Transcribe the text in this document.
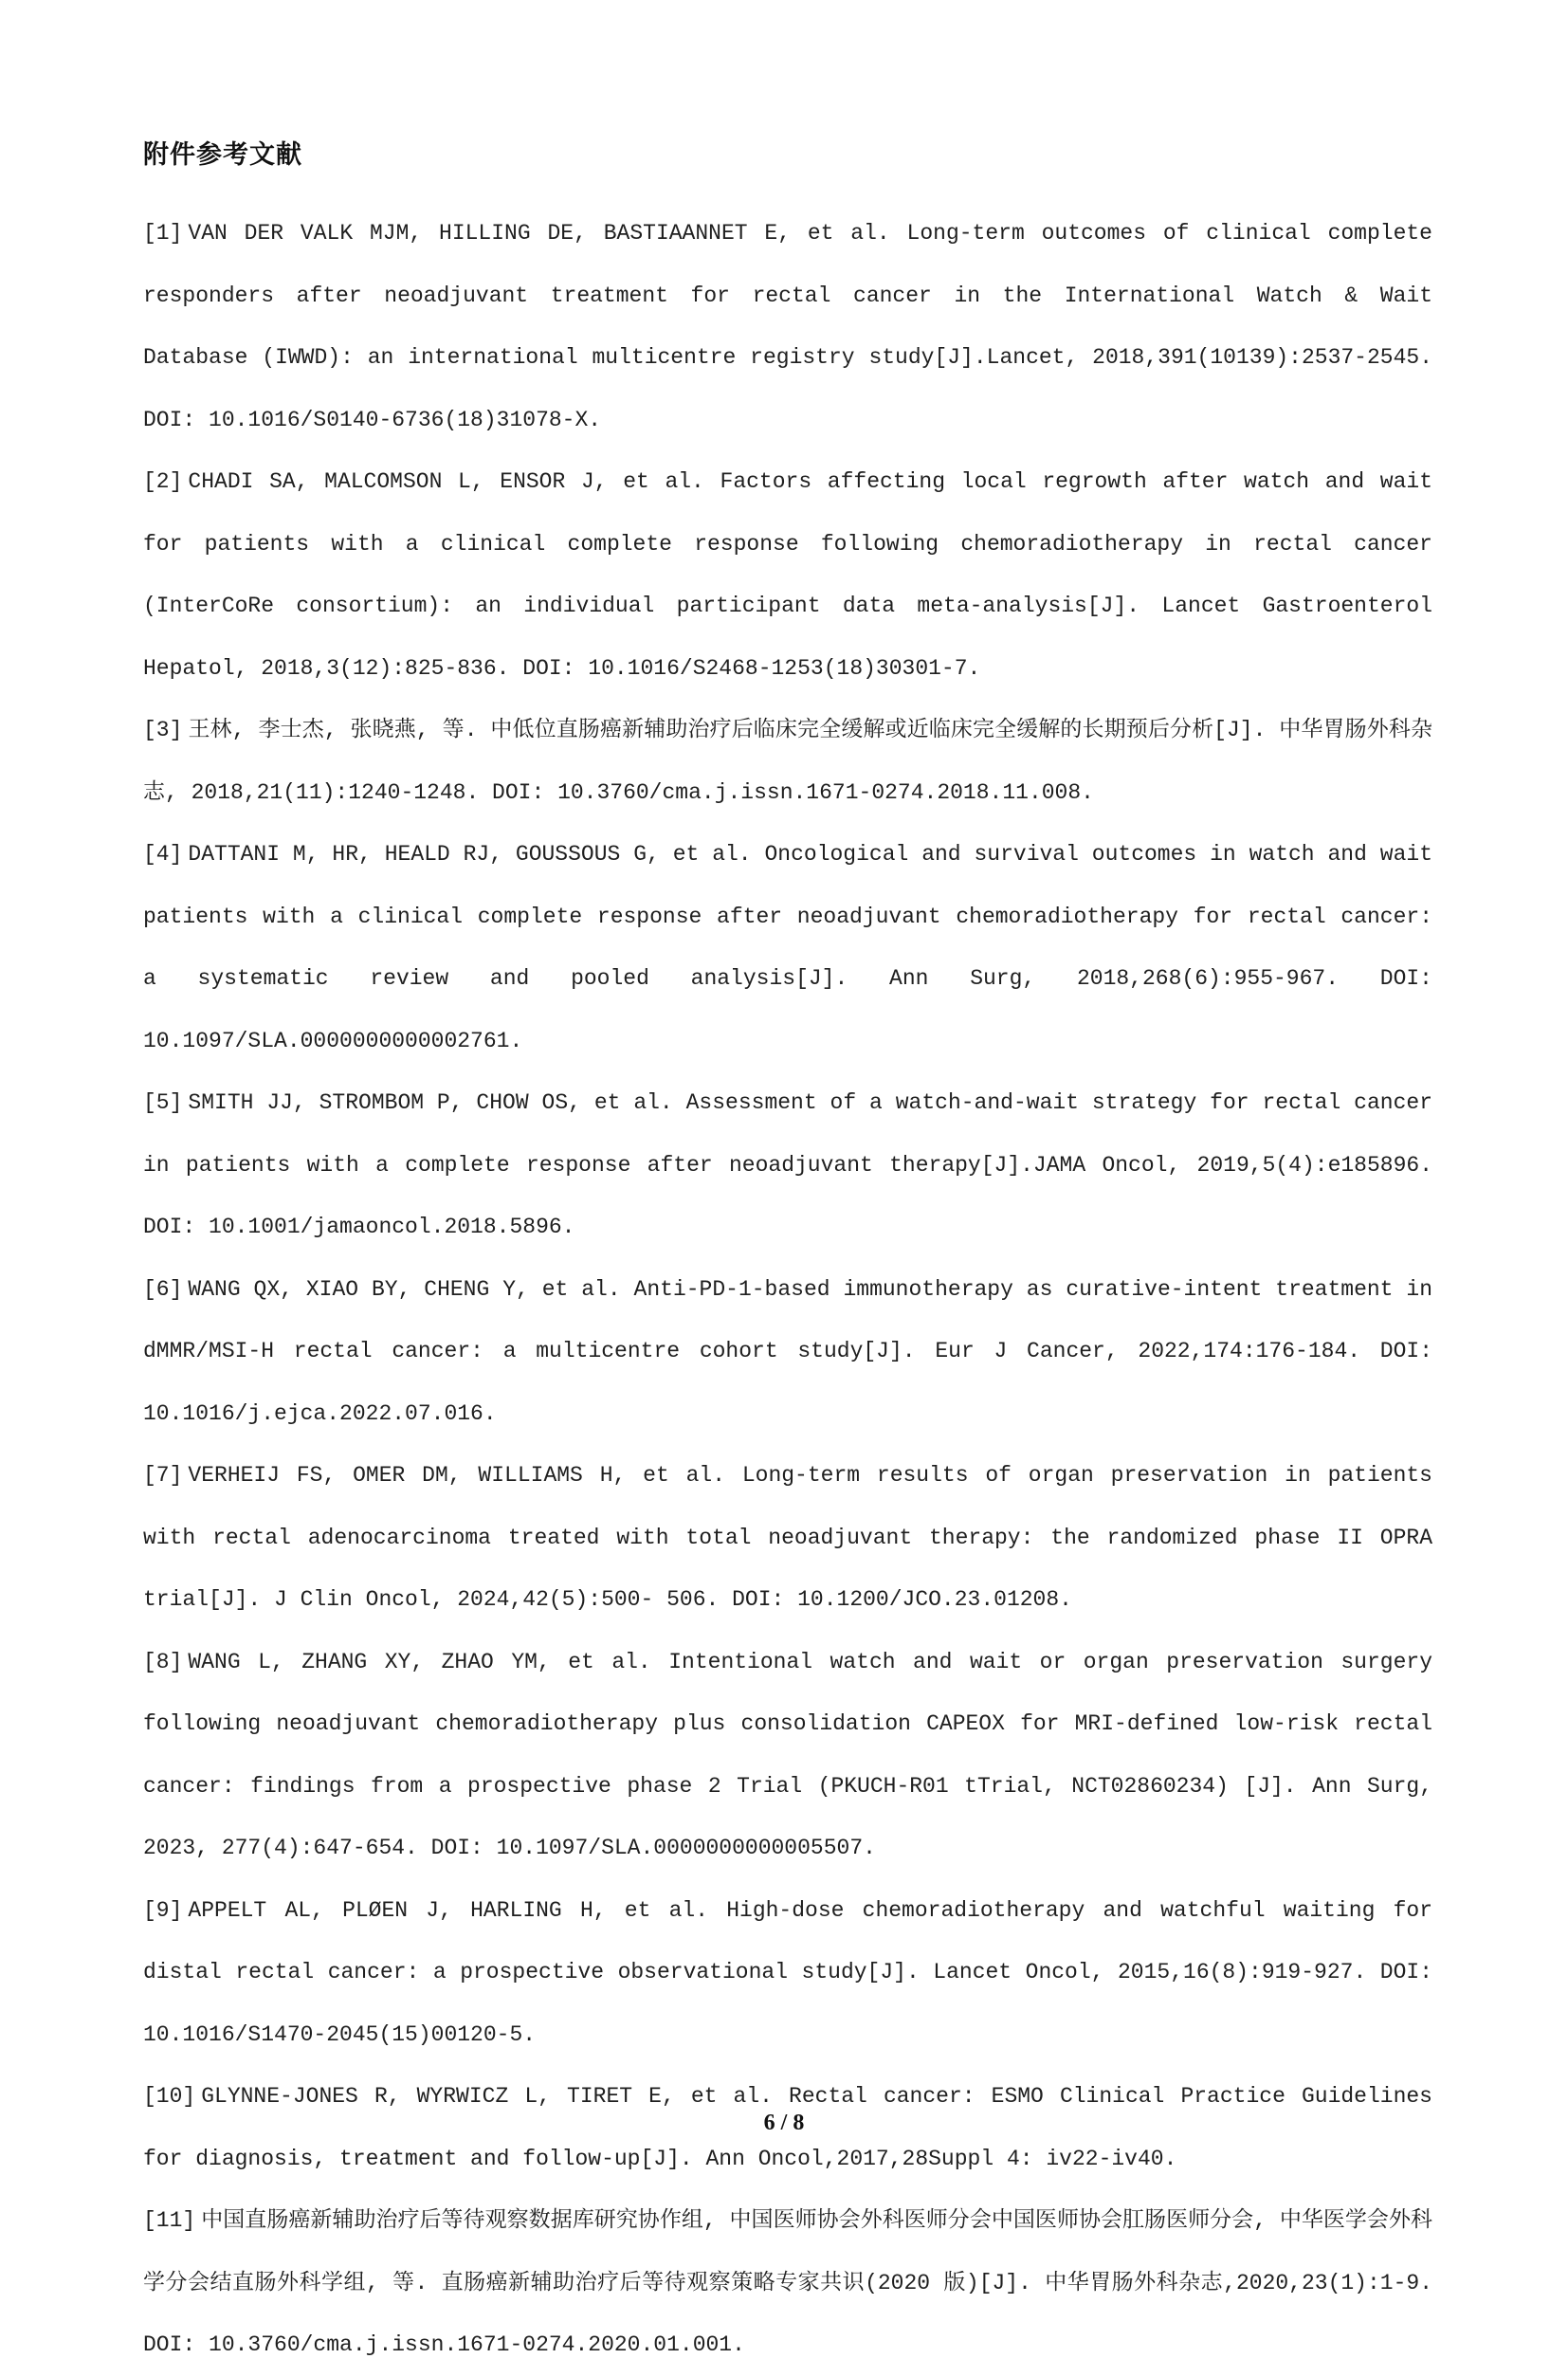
附件参考文献

[1] VAN DER VALK MJM, HILLING DE, BASTIAANNET E, et al. Long-term outcomes of clinical complete responders after neoadjuvant treatment for rectal cancer in the International Watch & Wait Database (IWWD): an international multicentre registry study[J].Lancet, 2018,391(10139):2537-2545. DOI: 10.1016/S0140-6736(18)31078-X.

[2] CHADI SA, MALCOMSON L, ENSOR J, et al. Factors affecting local regrowth after watch and wait for patients with a clinical complete response following chemoradiotherapy in rectal cancer (InterCoRe consortium): an individual participant data meta-analysis[J]. Lancet Gastroenterol Hepatol, 2018,3(12):825-836. DOI: 10.1016/S2468-1253(18)30301-7.

[3] 王林, 李士杰, 张晓燕, 等. 中低位直肠癌新辅助治疗后临床完全缓解或近临床完全缓解的长期预后分析[J]. 中华胃肠外科杂志, 2018,21(11):1240-1248. DOI: 10.3760/cma.j.issn.1671-0274.2018.11.008.

[4] DATTANI M, HR, HEALD RJ, GOUSSOUS G, et al. Oncological and survival outcomes in watch and wait patients with a clinical complete response after neoadjuvant chemoradiotherapy for rectal cancer: a systematic review and pooled analysis[J]. Ann Surg, 2018,268(6):955-967. DOI: 10.1097/SLA.0000000000002761.

[5] SMITH JJ, STROMBOM P, CHOW OS, et al. Assessment of a watch-and-wait strategy for rectal cancer in patients with a complete response after neoadjuvant therapy[J].JAMA Oncol, 2019,5(4):e185896. DOI: 10.1001/jamaoncol.2018.5896.

[6] WANG QX, XIAO BY, CHENG Y, et al. Anti-PD-1-based immunotherapy as curative-intent treatment in dMMR/MSI-H rectal cancer: a multicentre cohort study[J]. Eur J Cancer, 2022,174:176-184. DOI: 10.1016/j.ejca.2022.07.016.

[7] VERHEIJ FS, OMER DM, WILLIAMS H, et al. Long-term results of organ preservation in patients with rectal adenocarcinoma treated with total neoadjuvant therapy: the randomized phase II OPRA trial[J]. J Clin Oncol, 2024,42(5):500- 506. DOI: 10.1200/JCO.23.01208.

[8] WANG L, ZHANG XY, ZHAO YM, et al. Intentional watch and wait or organ preservation surgery following neoadjuvant chemoradiotherapy plus consolidation CAPEOX for MRI-defined low-risk rectal cancer: findings from a prospective phase 2 Trial (PKUCH-R01 tTrial, NCT02860234) [J]. Ann Surg, 2023, 277(4):647-654. DOI: 10.1097/SLA.0000000000005507.

[9] APPELT AL, PLØEN J, HARLING H, et al. High-dose chemoradiotherapy and watchful waiting for distal rectal cancer: a prospective observational study[J]. Lancet Oncol, 2015,16(8):919-927. DOI: 10.1016/S1470-2045(15)00120-5.

[10] GLYNNE-JONES R, WYRWICZ L, TIRET E, et al. Rectal cancer: ESMO Clinical Practice Guidelines for diagnosis, treatment and follow-up[J]. Ann Oncol,2017,28Suppl 4: iv22-iv40.

[11] 中国直肠癌新辅助治疗后等待观察数据库研究协作组, 中国医师协会外科医师分会中国医师协会肛肠医师分会, 中华医学会外科学分会结直肠外科学组, 等. 直肠癌新辅助治疗后等待观察策略专家共识(2020 版)[J]. 中华胃肠外科杂志,2020,23(1):1-9. DOI: 10.3760/cma.j.issn.1671-0274.2020.01.001.

6 / 8
